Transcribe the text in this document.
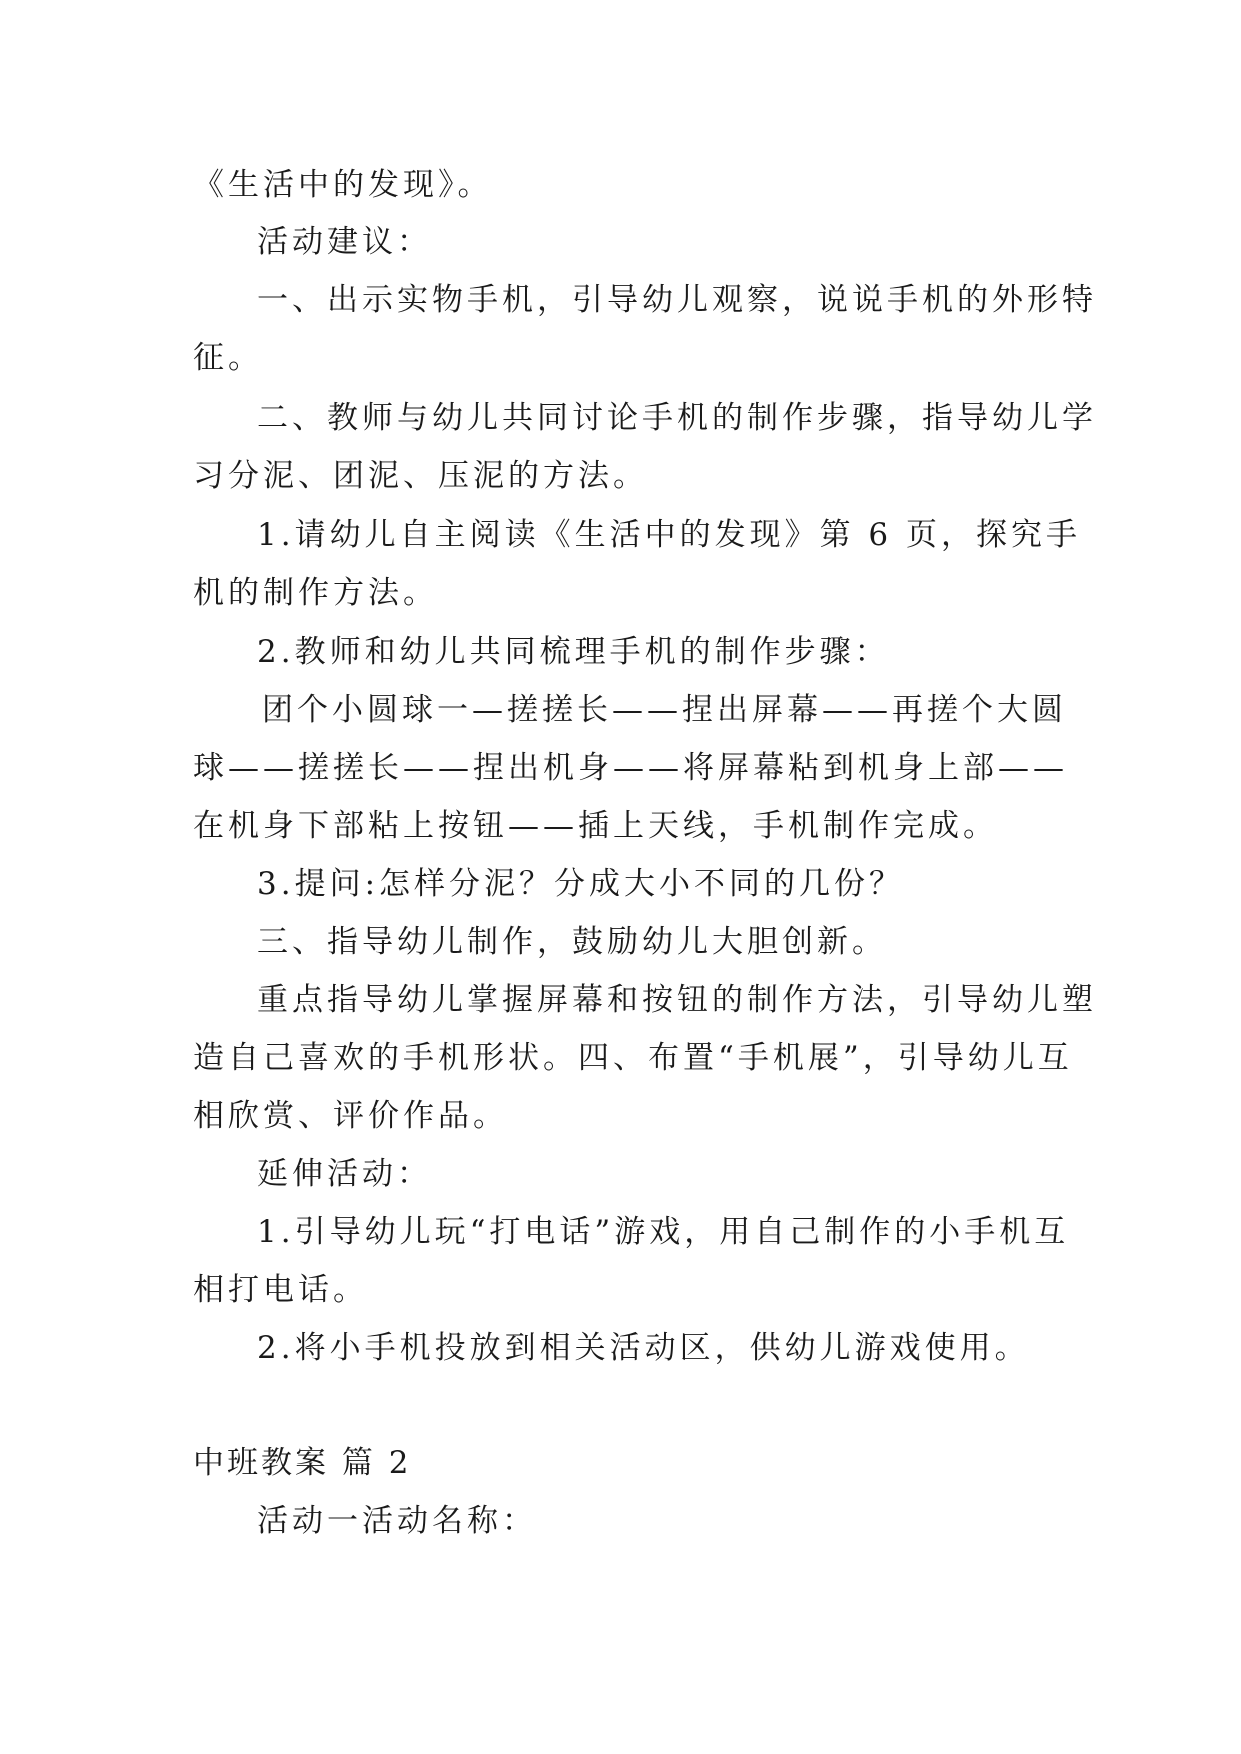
《生活中的发现》。
活动建议：
一、出示实物手机，引导幼儿观察，说说手机的外形特
征。
二、教师与幼儿共同讨论手机的制作步骤，指导幼儿学
习分泥、团泥、压泥的方法。
1.请幼儿自主阅读《生活中的发现》第 6 页，探究手
机的制作方法。
2.教师和幼儿共同梳理手机的制作步骤：
团个小圆球一—搓搓长——捏出屏幕——再搓个大圆
球——搓搓长——捏出机身——将屏幕粘到机身上部——
在机身下部粘上按钮——插上天线，手机制作完成。
3.提问:怎样分泥？分成大小不同的几份？
三、指导幼儿制作，鼓励幼儿大胆创新。
重点指导幼儿掌握屏幕和按钮的制作方法，引导幼儿塑
造自己喜欢的手机形状。四、布置“手机展”，引导幼儿互
相欣赏、评价作品。
延伸活动：
1.引导幼儿玩“打电话”游戏，用自己制作的小手机互
相打电话。
2.将小手机投放到相关活动区，供幼儿游戏使用。
中班教案 篇 2
活动一活动名称：
